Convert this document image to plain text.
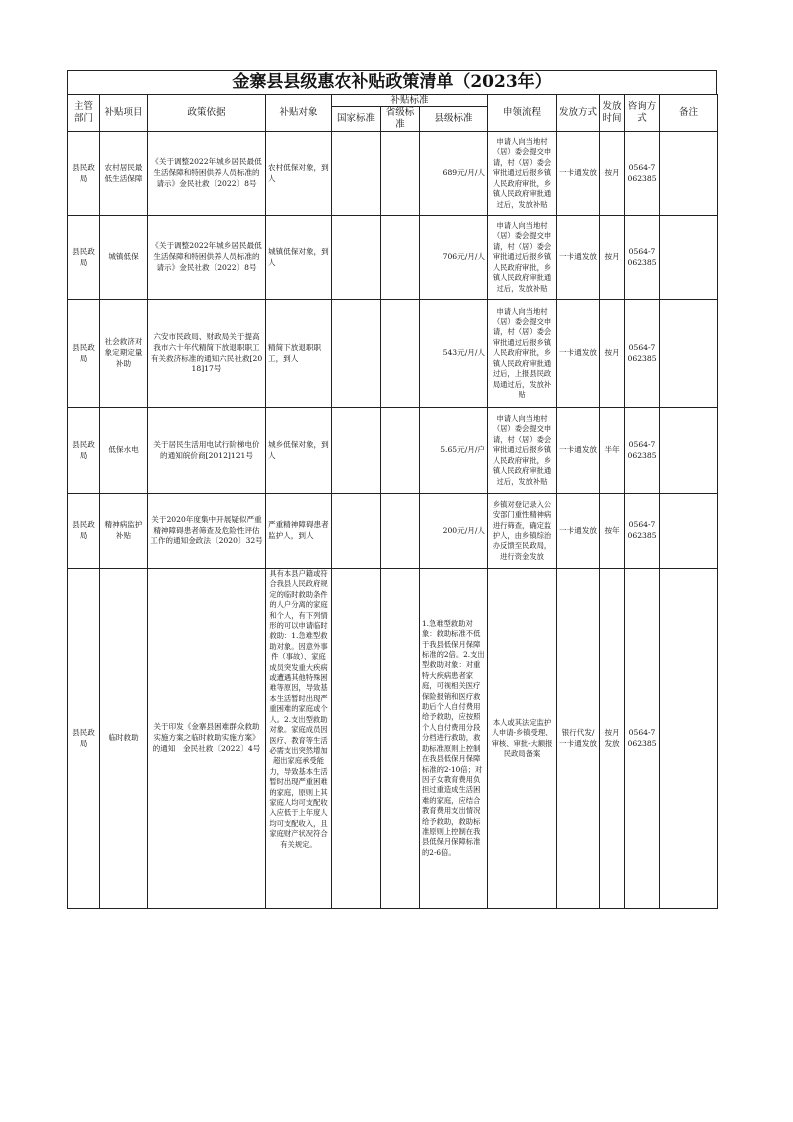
金寨县县级惠农补贴政策清单（2023年）
主管部门	补贴项目	政策依据	补贴对象	补贴标准			申领流程	发放方式	发放时间	咨询方式	备注
				国家标准	省级标准	县级标准					
县民政局	农村居民最低生活保障	《关于调整2022年城乡居民最低生活保障和特困供养人员标准的请示》金民社救〔2022〕8号	农村低保对象，到人			689元/月/人	申请人向当地村（居）委会提交申请，村（居）委会审批通过后报乡镇人民政府审批，乡镇人民政府审批通过后，发放补贴	一卡通发放	按月	0564-7062385	
县民政局	城镇低保	《关于调整2022年城乡居民最低生活保障和特困供养人员标准的请示》金民社救〔2022〕8号	城镇低保对象，到人			706元/月/人	申请人向当地村（居）委会提交申请，村（居）委会审批通过后报乡镇人民政府审批，乡镇人民政府审批通过后，发放补贴	一卡通发放	按月	0564-7062385	
县民政局	社会救济对象定期定量补助	六安市民政局、财政局关于提高我市六十年代精简下放退职职工有关救济标准的通知六民社救[2018]17号	精简下放退职职工，到人			543元/月/人	申请人向当地村（居）委会提交申请，村（居）委会审批通过后报乡镇人民政府审批，乡镇人民政府审批通过后，上报县民政局通过后，发放补贴	一卡通发放	按月	0564-7062385	
县民政局	低保水电	关于居民生活用电试行阶梯电价的通知皖价商[2012]121号	城乡低保对象，到人			5.65元/月/户	申请人向当地村（居）委会提交申请，村（居）委会审批通过后报乡镇人民政府审批，乡镇人民政府审批通过后，发放补贴	一卡通发放	半年	0564-7062385	
县民政局	精神病监护补贴	关于2020年度集中开展疑似严重精神障碍患者筛查及危险性评估工作的通知金政法〔2020〕32号	严重精神障碍患者监护人，到人			200元/月/人	乡镇对登记录入公安部门重性精神病进行筛查，确定监护人，由乡镇综治办反馈至民政局，进行资金发放	一卡通发放	按年	0564-7062385	
县民政局	临时救助	关于印发《金寨县困难群众救助实施方案之临时救助实施方案》的通知　金民社救〔2022〕4号	具有本县户籍或符合我县人民政府规定的临时救助条件的人户分离的家庭和个人，有下列情形的可以申请临时救助：1.急难型救助对象。因意外事件（事故）、家庭成员突发重大疾病或遭遇其他特殊困难等原因，导致基本生活暂时出现严重困难的家庭或个人。2.支出型救助对象。家庭成员因医疗、教育等生活必需支出突然增加超出家庭承受能力，导致基本生活暂时出现严重困难的家庭，原则上其家庭人均可支配收入应低于上年度人均可支配收入，且家庭财产状况符合有关规定。			1.急难型救助对象：救助标准不低于我县低保月保障标准的2倍。2.支出型救助对象：对重特大疾病患者家庭，可视相关医疗保险报销和医疗救助后个人自付费用给予救助，应按照个人自付费用分段分档进行救助，救助标准原则上控制在我县低保月保障标准的2-10倍；对因子女教育费用负担过重造成生活困难的家庭，应结合教育费用支出情况给予救助，救助标准原则上控制在我县低保月保障标准的2-6倍。	本人或其法定监护人申请-乡镇受理、审核、审批-大额报民政局备案	银行代发/一卡通发放	按月发放	0564-7062385	
